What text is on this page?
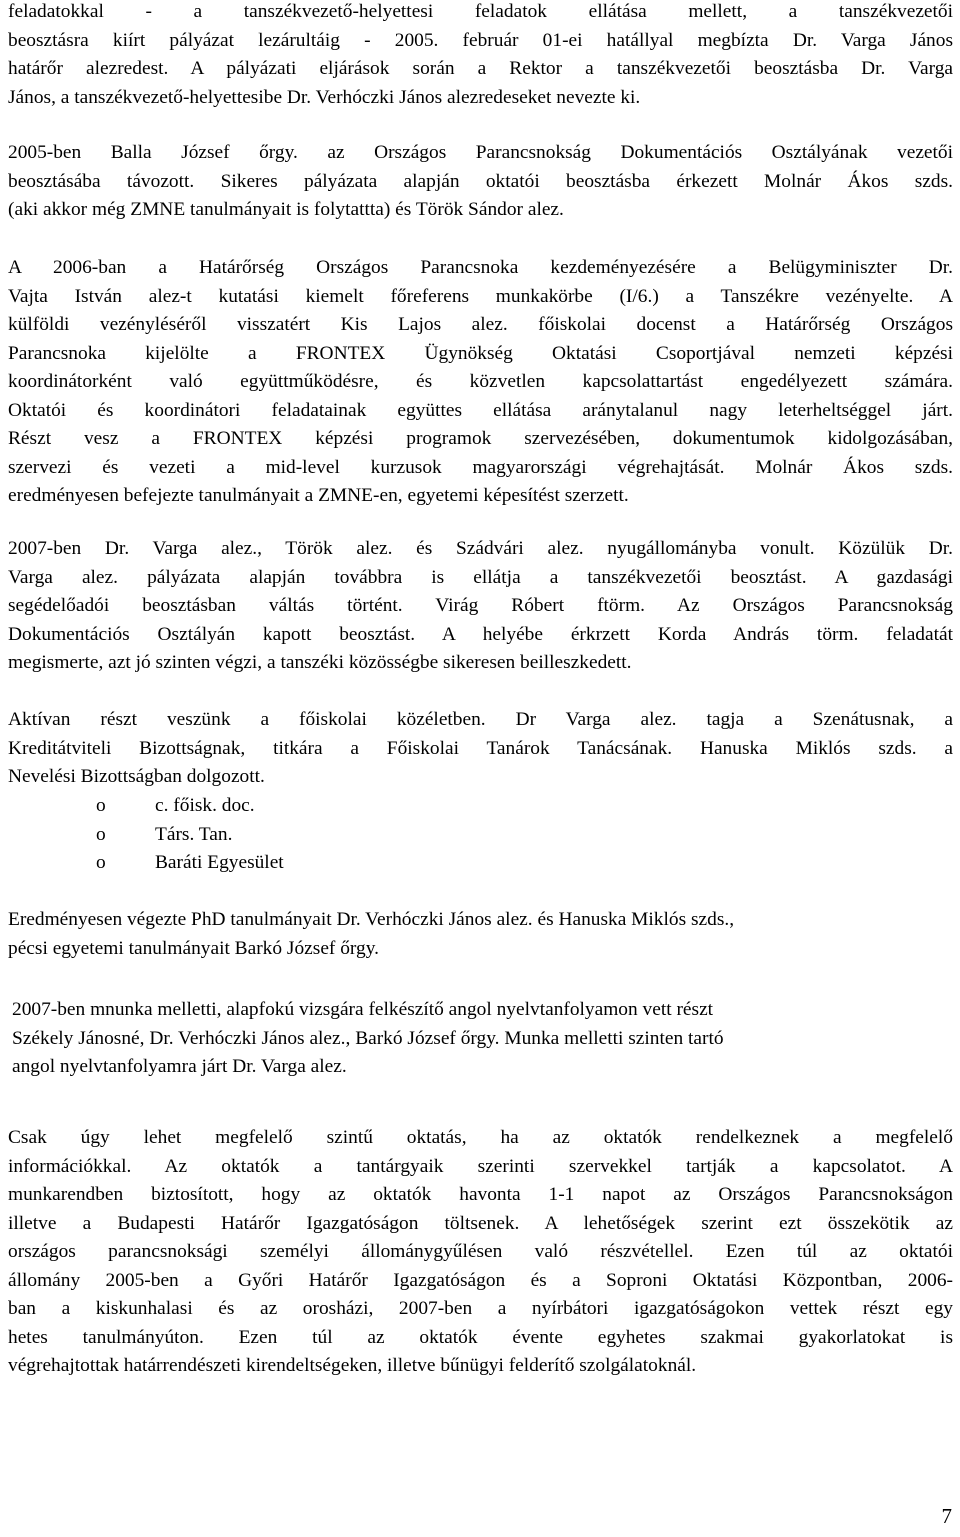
feladatokkal - a tanszékvezető-helyettesi feladatok ellátása mellett, a tanszékvezetői
beosztásra kiírt pályázat lezárultáig - 2005. február 01-ei hatállyal megbízta Dr. Varga János
határőr alezredest. A pályázati eljárások során a Rektor a tanszékvezetői beosztásba Dr. Varga
János, a tanszékvezető-helyettesibe Dr. Verhóczki János alezredeseket nevezte ki.

2005-ben Balla József őrgy. az Országos Parancsnokság Dokumentációs Osztályának vezetői
beosztásába távozott. Sikeres pályázata alapján oktatói beosztásba érkezett Molnár Ákos szds.
(aki akkor még ZMNE tanulmányait is folytattta) és Török Sándor alez.

A 2006-ban a Határőrség Országos Parancsnoka kezdeményezésére a Belügyminiszter Dr.
Vajta István alez-t kutatási kiemelt főreferens munkakörbe (I/6.) a Tanszékre vezényelte. A
külföldi vezényléséről visszatért Kis Lajos alez. főiskolai docenst a Határőrség Országos
Parancsnoka kijelölte a FRONTEX Ügynökség Oktatási Csoportjával nemzeti képzési
koordinátorként való együttműködésre, és közvetlen kapcsolattartást engedélyezett számára.
Oktatói és koordinátori feladatainak együttes ellátása aránytalanul nagy leterheltséggel járt.
Részt vesz a FRONTEX képzési programok szervezésében, dokumentumok kidolgozásában,
szervezi és vezeti a mid-level kurzusok magyarországi végrehajtását. Molnár Ákos szds.
eredményesen befejezte tanulmányait a ZMNE-en, egyetemi képesítést szerzett.

2007-ben Dr. Varga alez., Török alez. és Szádvári alez. nyugállományba vonult. Közülük Dr.
Varga alez. pályázata alapján továbbra is ellátja a tanszékvezetői beosztást. A gazdasági
segédelőadói beosztásban váltás történt. Virág Róbert ftörm. Az Országos Parancsnokság
Dokumentációs Osztályán kapott beosztást. A helyébe érkrzett Korda András törm. feladatát
megismerte, azt jó szinten végzi, a tanszéki közösségbe sikeresen beilleszkedett.

Aktívan részt veszünk a főiskolai közéletben. Dr Varga alez. tagja a Szenátusnak, a
Kreditátviteli Bizottságnak, titkára a Főiskolai Tanárok Tanácsának. Hanuska Miklós szds. a
Nevelési Bizottságban dolgozott.

o	c. főisk. doc.
o	Társ. Tan.
o	Baráti Egyesület

Eredményesen végezte PhD tanulmányait Dr. Verhóczki János alez. és Hanuska Miklós szds.,
pécsi egyetemi tanulmányait Barkó József őrgy.

2007-ben mnunka melletti, alapfokú vizsgára felkészítő angol nyelvtanfolyamon vett részt
Székely Jánosné, Dr. Verhóczki János alez., Barkó József őrgy. Munka melletti szinten tartó
angol nyelvtanfolyamra járt Dr. Varga alez.

Csak úgy lehet megfelelő szintű oktatás, ha az oktatók rendelkeznek a megfelelő
információkkal. Az oktatók a tantárgyaik szerinti szervekkel tartják a kapcsolatot. A
munkarendben biztosított, hogy az oktatók havonta 1-1 napot az Országos Parancsnokságon
illetve a Budapesti Határőr Igazgatóságon töltsenek. A lehetőségek szerint ezt összekötik az
országos parancsnoksági személyi állománygyűlésen való részvétellel. Ezen túl az oktatói
állomány 2005-ben a Győri Határőr Igazgatóságon és a Soproni Oktatási Központban, 2006-
ban a kiskunhalasi és az orosházi, 2007-ben a nyírbátori igazgatóságokon vettek részt egy
hetes tanulmányúton. Ezen túl az oktatók évente egyhetes szakmai gyakorlatokat is
végrehajtottak határrendészeti kirendeltségeken, illetve bűnügyi felderítő szolgálatoknál.

7
